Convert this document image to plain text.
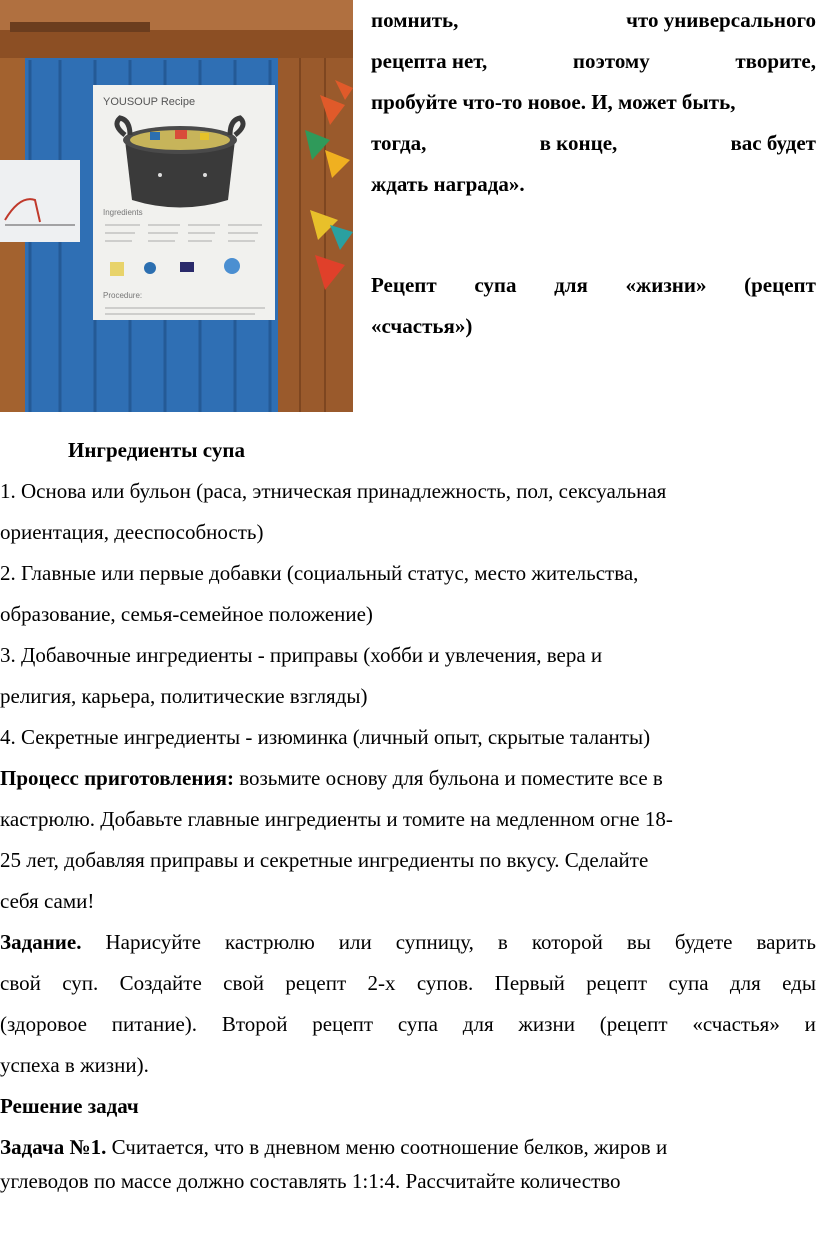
YOUSOUP Recipe
Ingredients
Procedure:
помнить,	что универсального
рецепта нет,	поэтому	творите,
пробуйте что-то новое. И, может быть,
тогда,	в конце,	вас будет
ждать награда».
Рецепт супа для «жизни» (рецепт
«счастья»)
Ингредиенты супа
1. Основа или бульон (раса, этническая принадлежность, пол, сексуальная
ориентация, дееспособность)
2. Главные или первые добавки (социальный статус, место жительства,
образование, семья-семейное положение)
3. Добавочные ингредиенты - приправы (хобби и увлечения, вера и
религия, карьера, политические взгляды)
4. Секретные ингредиенты - изюминка (личный опыт, скрытые таланты)
Процесс приготовления: возьмите основу для бульона и поместите все в
кастрюлю. Добавьте главные ингредиенты и томите на медленном огне 18-
25 лет, добавляя приправы и секретные ингредиенты по вкусу. Сделайте
себя сами!
Задание. Нарисуйте кастрюлю или супницу, в которой вы будете варить
свой суп. Создайте свой рецепт 2-х супов. Первый рецепт супа для еды
(здоровое питание). Второй рецепт супа для жизни (рецепт «счастья» и
успеха в жизни).
Решение задач
Задача №1. Считается, что в дневном меню соотношение белков, жиров и
углеводов по массе должно составлять 1:1:4. Рассчитайте количество
